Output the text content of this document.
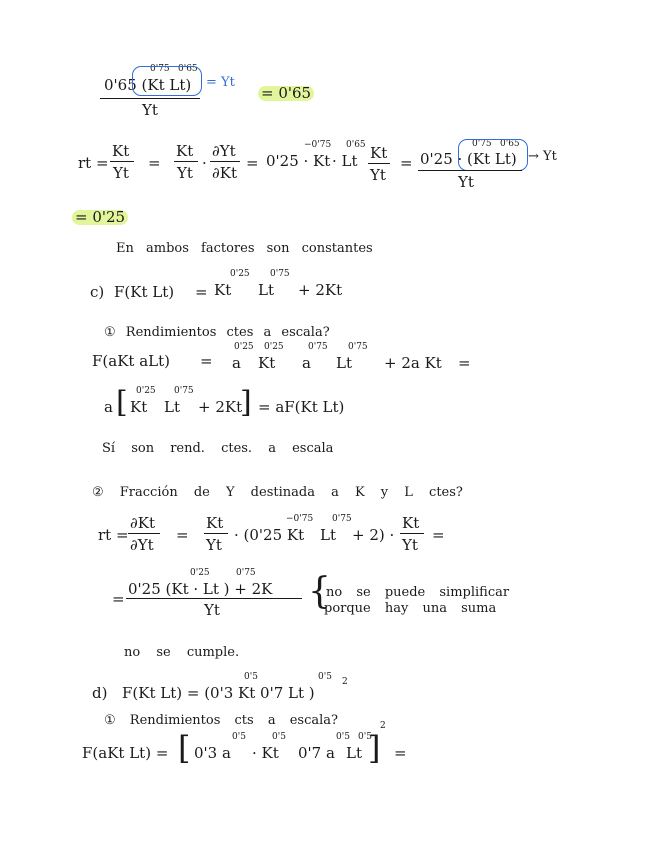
0'65 (Kt Lt)
0'75 0'65
= Yt
Yt
= 0'65
rt =
Kt
Yt
=
Kt
Yt
·
∂Yt
∂Kt
= 0'25 · Kt
−0'75
· Lt
0'65 Kt
Yt
= 0'25 · (Kt Lt)
0'75 0'65
Yt
→ Yt
= 0'25
En ambos factores son constantes
c) F(Kt Lt) = Kt
0'25
Lt
0'75
+ 2Kt
① Rendimientos ctes a escala?
F(aKt aLt) = a
0'25
Kt
0'25
a
0'75
Lt
0'75
+ 2a Kt =
a [ Kt
0'25
Lt
0'75
+ 2Kt
] = aF(Kt Lt)
Sí son rend. ctes. a escala
② Fracción de Y destinada a K y L ctes?
rt =
∂Kt
∂Yt
=
Kt
Yt
· (0'25 Kt
−0'75
Lt
0'75
+ 2) ·
Kt
Yt
=
=
0'25 (Kt · Lt ) + 2K
0'25	0'75
Yt {
no se puede simplificar
porque hay una suma
no se cumple.
d) F(Kt Lt) = (0'3 Kt 0'7 Lt )
0'5	0'5 2
① Rendimientos cts a escala?
F(aKt Lt) = [ 0'3 a
0'5
· Kt
0'5
0'7 a
0'5
Lt
0'5
]
2
=
